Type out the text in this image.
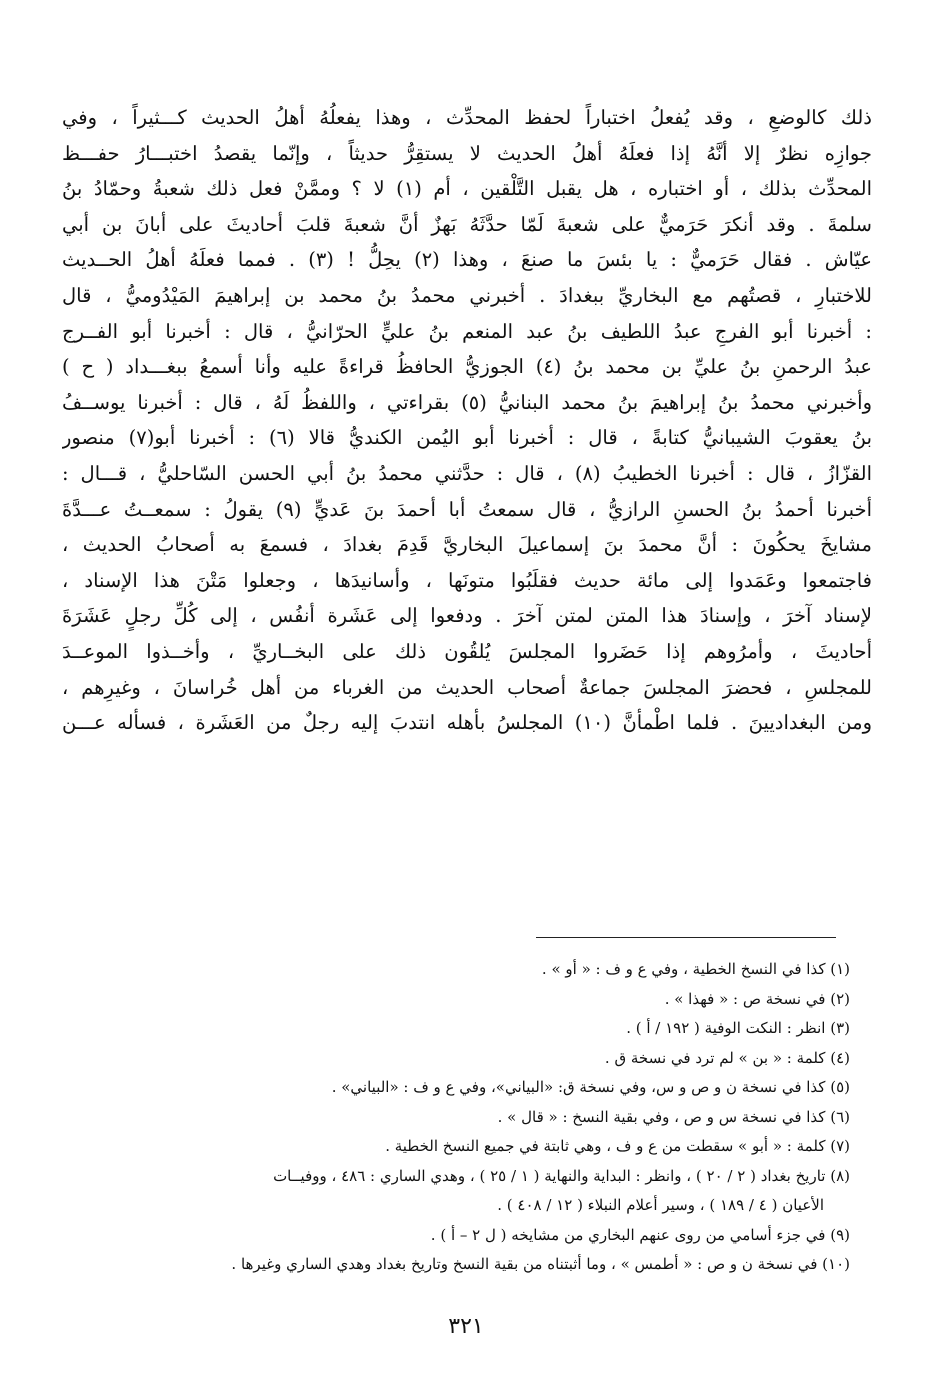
ذلك كالوضعِ ، وقد يُفعلُ اختباراً لحفظ المحدِّث ، وهذا يفعلُهُ أهلُ الحديث كـــثيراً ، وفي
جوازِه نظرٌ إلا أنَّهُ إذا فعلَهُ أهلُ الحديث لا يستقِرُّ حديثاً ، وإنّما يقصدُ اختبـــارُ حفـــظ
المحدِّث بذلك ، أو اختباره ، هل يقبل التَّلْقين ، أم (١) لا ؟ وممَّنْ فعل ذلك شعبةُ وحمّادُ بنُ
سلمةَ . وقد أنكرَ حَرَميٌّ على شعبةَ لَمّا حدَّثَهُ بَهزٌ أنَّ شعبةَ قلبَ أحاديثَ على أبانَ بن أبي
عيّاش . فقال حَرَميٌّ : يا بئسَ ما صنعَ ، وهذا (٢) يحِلُّ ! (٣) . فمما فعلَهُ أهلُ الحــديث
للاختبارِ ، قصتُهم مع البخاريِّ ببغدادَ . أخبرني محمدُ بنُ محمد بن إبراهيمَ المَيْدُوميُّ ، قال
: أخبرنا أبو الفرجِ عبدُ اللطيف بنُ عبد المنعم بنُ عليٍّ الحرّانيُّ ، قال : أخبرنا أبو الفــرج
عبدُ الرحمنِ بنُ عليِّ بن محمد بنُ (٤) الجوزيُّ الحافظُ قراءةً عليه وأنا أسمعُ ببغـــداد ( ح )
وأخبرني محمدُ بنُ إبراهيمَ بنُ محمد البنانيُّ (٥) بقراءتي ، واللفظُ لَهُ ، قال : أخبرنا يوســفُ
بنُ يعقوبَ الشيبانيُّ كتابةً ، قال : أخبرنا أبو اليُمن الكنديُّ قالا (٦) : أخبرنا أبو(٧) منصور
القزّازُ ، قال : أخبرنا الخطيبُ (٨) ، قال : حدَّثني محمدُ بنُ أبي الحسن السّاحليُّ ، قـــال :
أخبرنا أحمدُ بنُ الحسنِ الرازيُّ ، قال سمعتُ أبا أحمدَ بنَ عَديٍّ (٩) يقولُ : سمعــتُ عـــدَّةَ
مشايخَ يحكُونَ : أنَّ محمدَ بنَ إسماعيلَ البخاريَّ قَدِمَ بغدادَ ، فسمعَ به أصحابُ الحديث ،
فاجتمعوا وعَمَدوا إلى مائة حديث فقلَبُوا متونَها ، وأسانيدَها ، وجعلوا مَتْنَ هذا الإسناد ،
لإسناد آخرَ ، وإسنادَ هذا المتن لمتن آخرَ . ودفعوا إلى عَشَرة أنفُس ، إلى كُلِّ رجلٍ عَشَرَةَ
أحاديثَ ، وأمرُوهم إذا حَضَروا المجلسَ يُلقُون ذلك على البخــاريِّ ، وأخــذوا الموعــدَ
للمجلسِ ، فحضرَ المجلسَ جماعةٌ أصحاب الحديث من الغرباء من أهل خُراسانَ ، وغيرِهم ،
ومن البغداديينَ . فلما اطْمأنَّ (١٠) المجلسُ بأهله انتدبَ إليه رجلٌ من العَشَرة ، فسأله عـــن
(١) كذا في النسخ الخطية ، وفي ع و ف : « أو » .
(٢) في نسخة ص : « فهذا » .
(٣) انظر : النكت الوفية ( ١٩٢ / أ ) .
(٤) كلمة : « بن » لم ترد في نسخة ق .
(٥) كذا في نسخة ن و ص و س، وفي نسخة ق: «البياني»، وفي ع و ف : «البياني» .
(٦) كذا في نسخة س و ص ، وفي بقية النسخ : « قال » .
(٧) كلمة : « أبو » سقطت من ع و ف ، وهي ثابتة في جميع النسخ الخطية .
(٨) تاريخ بغداد ( ٢ / ٢٠ ) ، وانظر : البداية والنهاية ( ١ / ٢٥ ) ، وهدي الساري : ٤٨٦ ، ووفيــات
الأعيان ( ٤ / ١٨٩ ) ، وسير أعلام النبلاء ( ١٢ / ٤٠٨ ) .
(٩) في جزء أسامي من روى عنهم البخاري من مشايخه ( ل ٢ – أ ) .
(١٠) في نسخة ن و ص : « أطمس » ، وما أثبتناه من بقية النسخ وتاريخ بغداد وهدي الساري وغيرها .
٣٢١
